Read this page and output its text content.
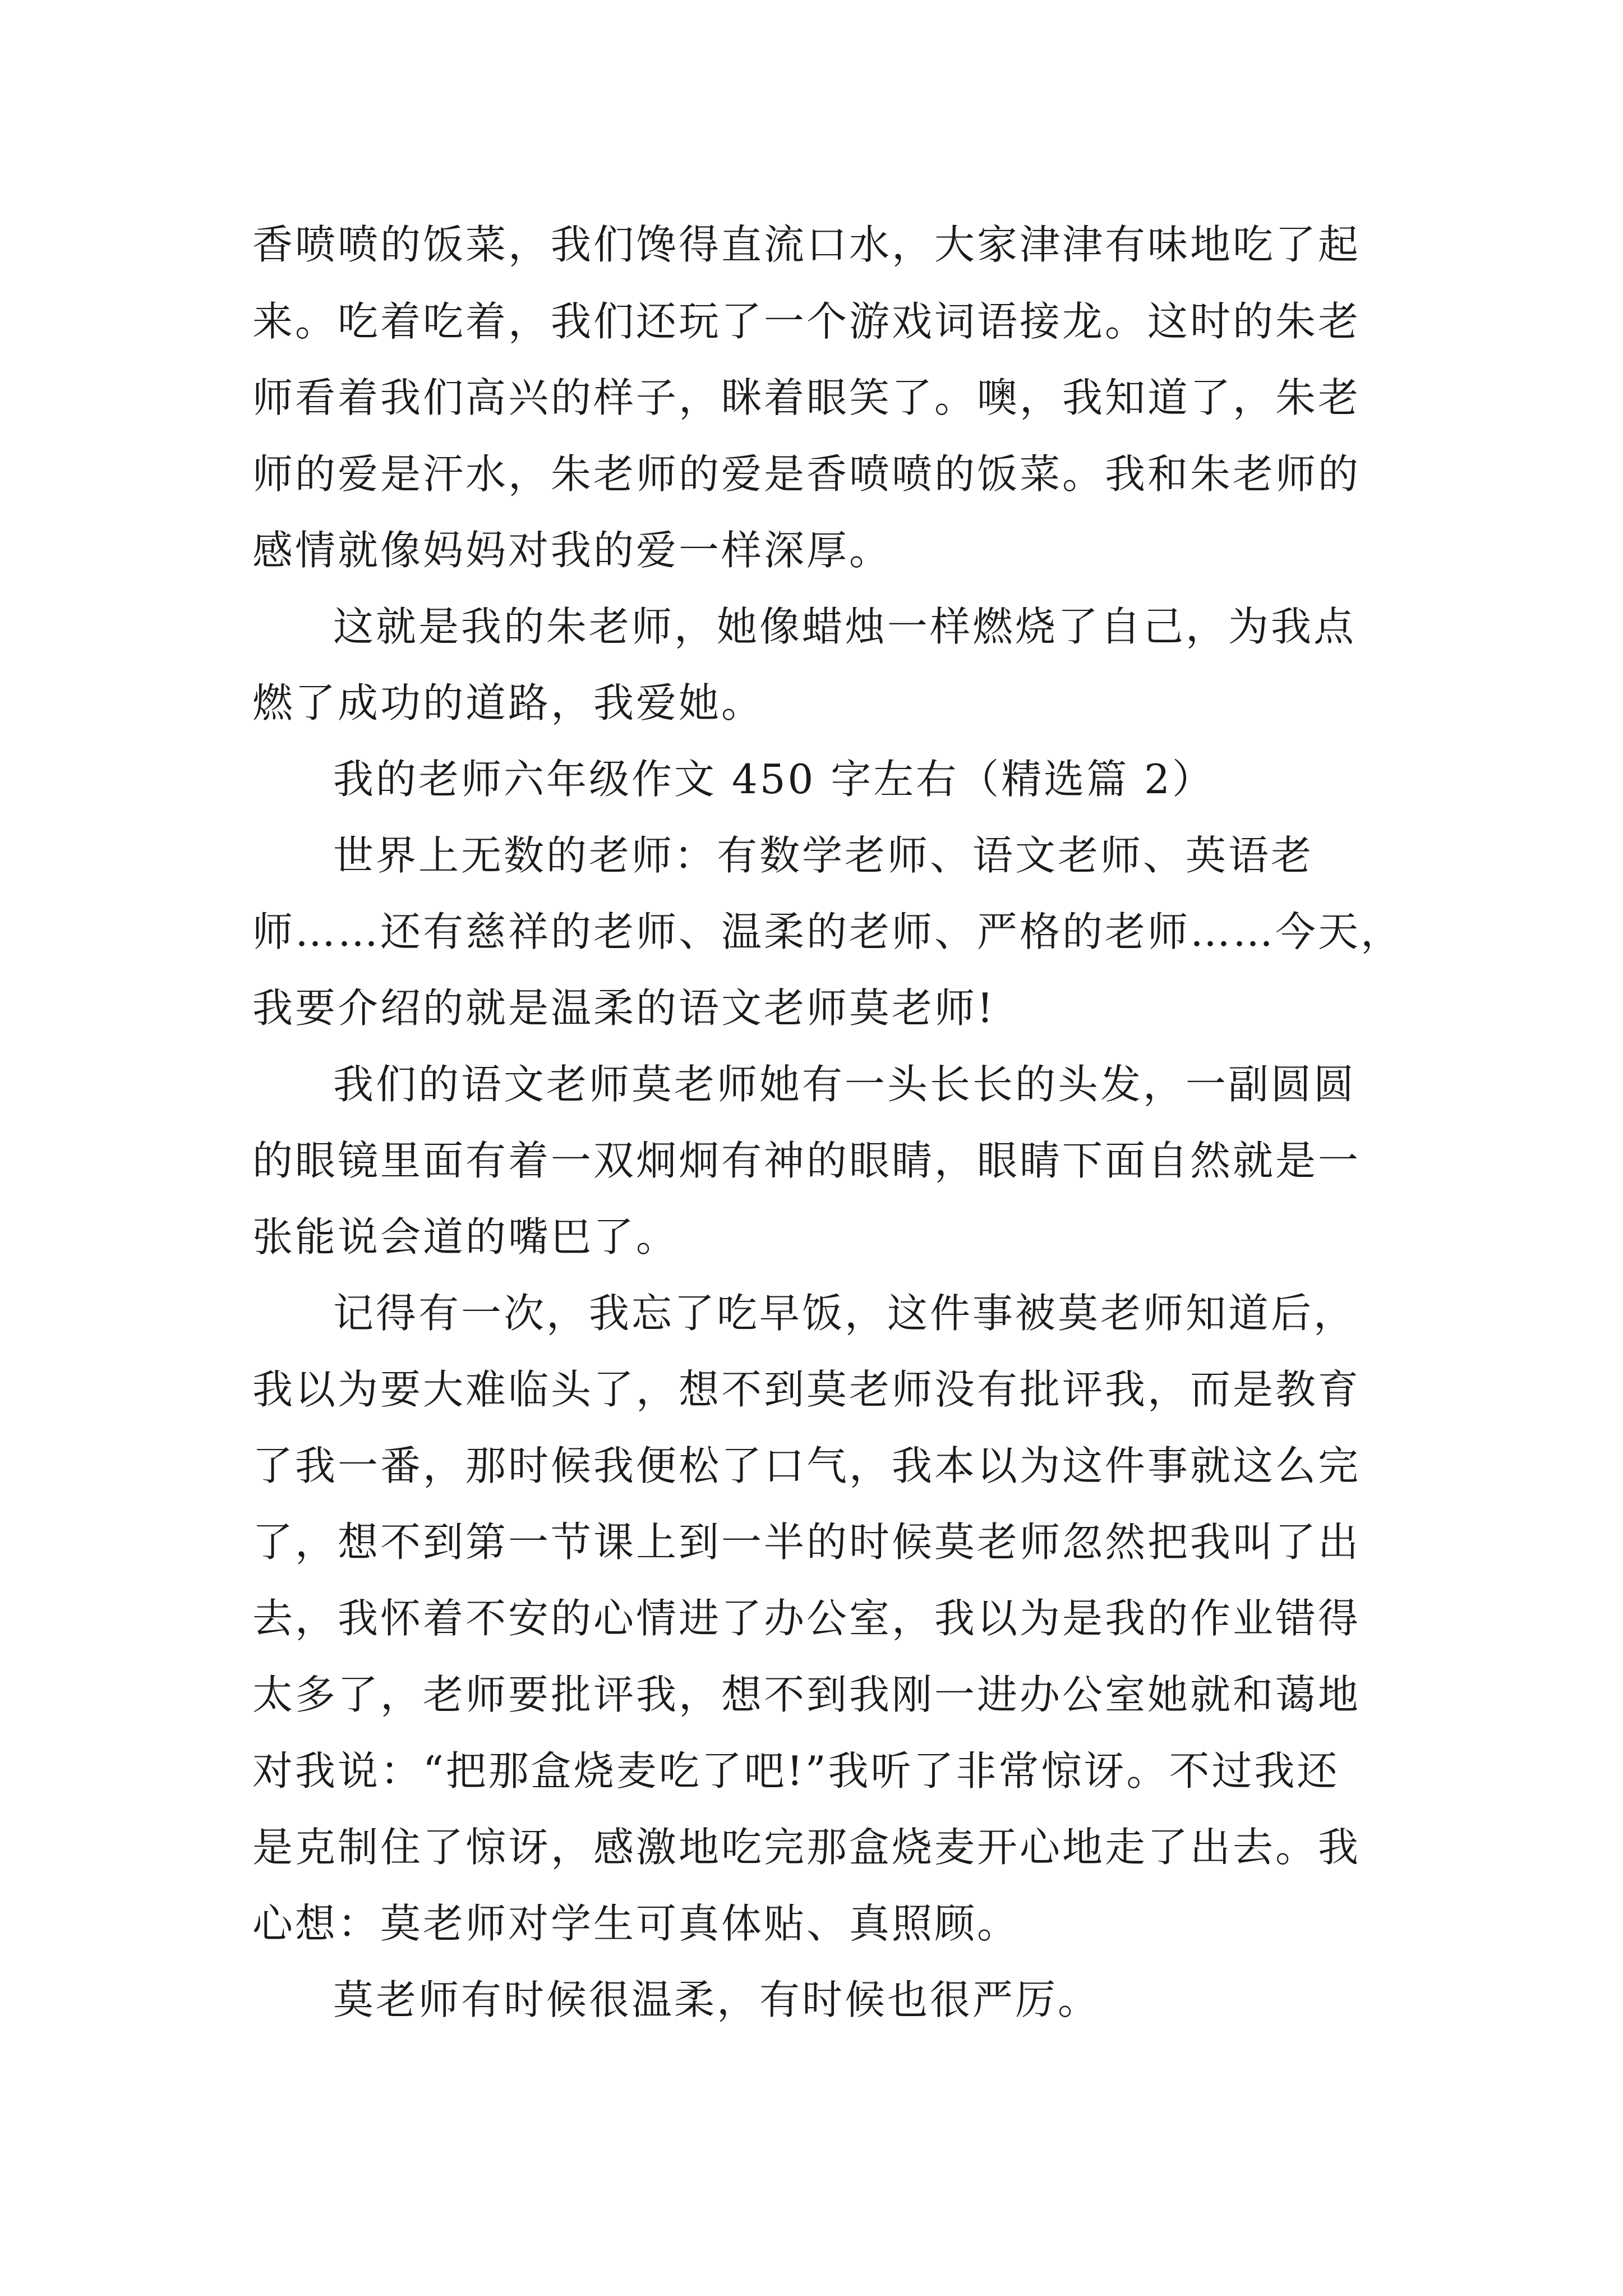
香喷喷的饭菜，我们馋得直流口水，大家津津有味地吃了起
来。吃着吃着，我们还玩了一个游戏词语接龙。这时的朱老
师看着我们高兴的样子，眯着眼笑了。噢，我知道了，朱老
师的爱是汗水，朱老师的爱是香喷喷的饭菜。我和朱老师的
感情就像妈妈对我的爱一样深厚。
这就是我的朱老师，她像蜡烛一样燃烧了自己，为我点
燃了成功的道路，我爱她。
我的老师六年级作文 450 字左右（精选篇 2）
世界上无数的老师：有数学老师、语文老师、英语老
师……还有慈祥的老师、温柔的老师、严格的老师……今天，
我要介绍的就是温柔的语文老师莫老师!
我们的语文老师莫老师她有一头长长的头发，一副圆圆
的眼镜里面有着一双炯炯有神的眼睛，眼睛下面自然就是一
张能说会道的嘴巴了。
记得有一次，我忘了吃早饭，这件事被莫老师知道后，
我以为要大难临头了，想不到莫老师没有批评我，而是教育
了我一番，那时候我便松了口气，我本以为这件事就这么完
了，想不到第一节课上到一半的时候莫老师忽然把我叫了出
去，我怀着不安的心情进了办公室，我以为是我的作业错得
太多了，老师要批评我，想不到我刚一进办公室她就和蔼地
对我说：“把那盒烧麦吃了吧!”我听了非常惊讶。不过我还
是克制住了惊讶，感激地吃完那盒烧麦开心地走了出去。我
心想：莫老师对学生可真体贴、真照顾。
莫老师有时候很温柔，有时候也很严厉。
